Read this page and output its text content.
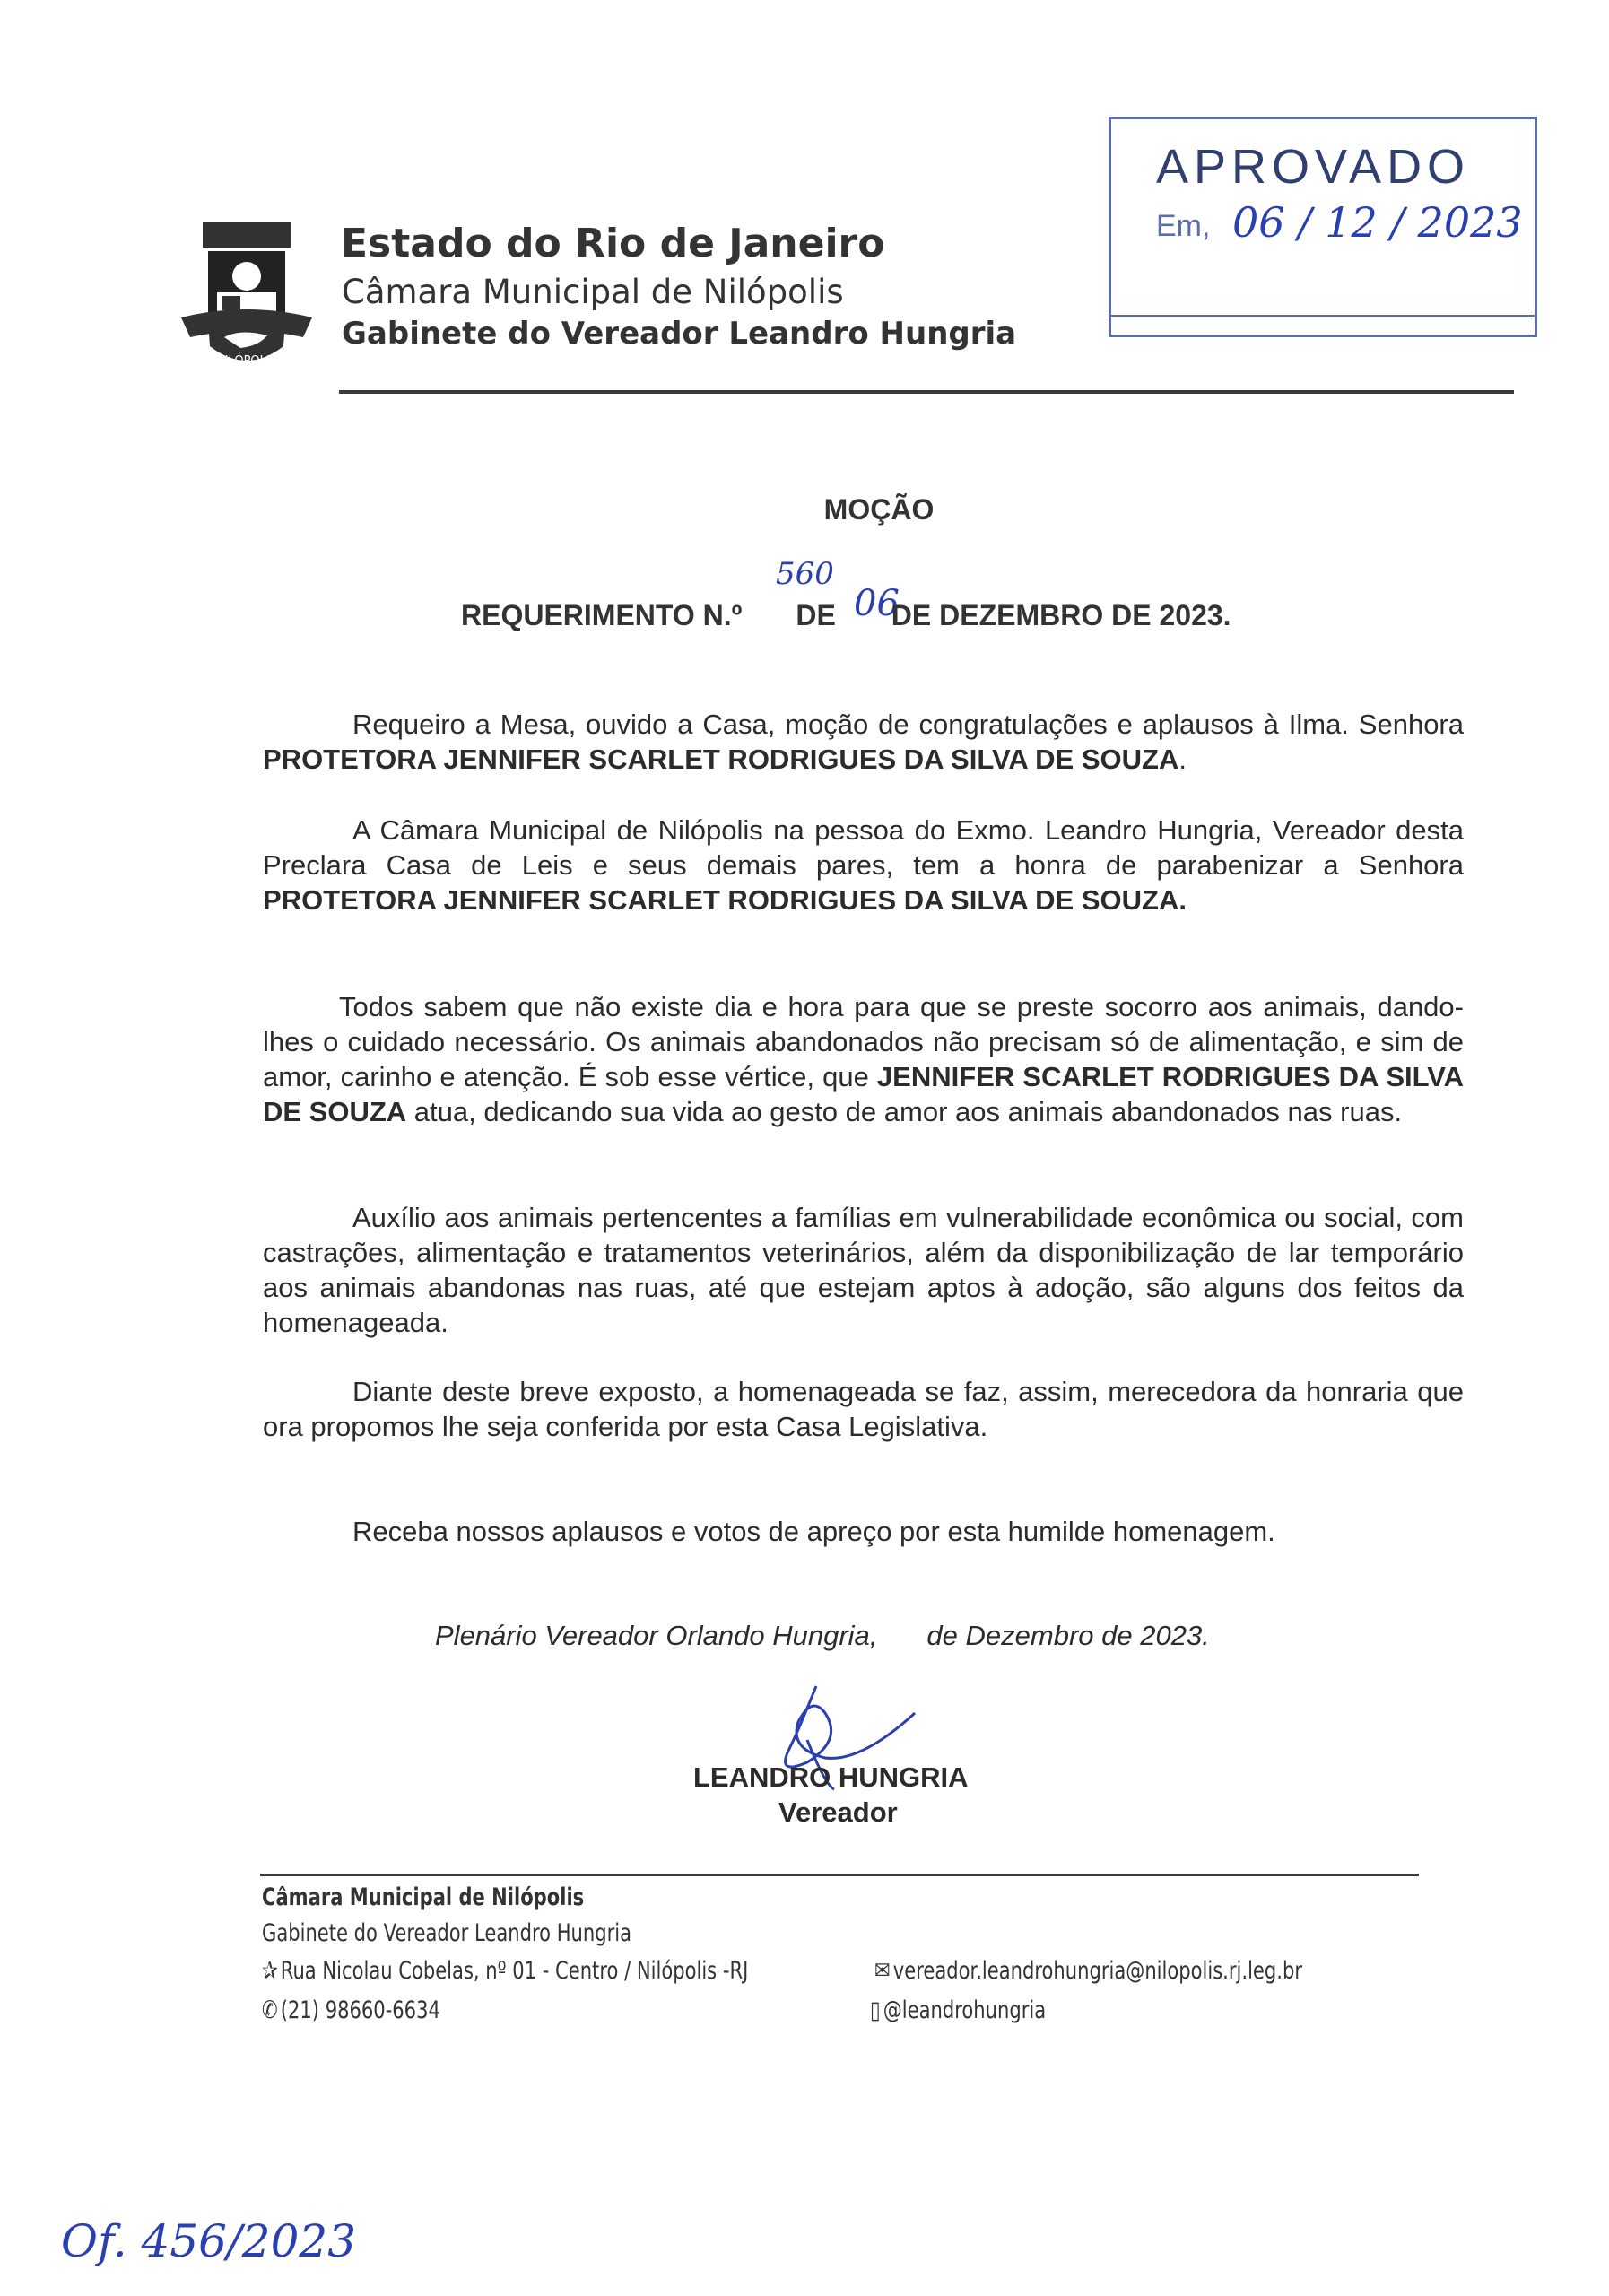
NILÓPOLIS
Estado do Rio de Janeiro
Câmara Municipal de Nilópolis
Gabinete do Vereador Leandro Hungria
APROVADO
Em, 06 / 12 / 2023
MOÇÃO
560
06
REQUERIMENTO N.º DE DE DEZEMBRO DE 2023.

Requeiro a Mesa, ouvido a Casa, moção de congratulações e aplausos à Ilma. Senhora PROTETORA JENNIFER SCARLET RODRIGUES DA SILVA DE SOUZA.

A Câmara Municipal de Nilópolis na pessoa do Exmo. Leandro Hungria, Vereador desta Preclara Casa de Leis e seus demais pares, tem a honra de parabenizar a Senhora PROTETORA JENNIFER SCARLET RODRIGUES DA SILVA DE SOUZA.

Todos sabem que não existe dia e hora para que se preste socorro aos animais, dando-lhes o cuidado necessário. Os animais abandonados não precisam só de alimentação, e sim de amor, carinho e atenção. É sob esse vértice, que JENNIFER SCARLET RODRIGUES DA SILVA DE SOUZA atua, dedicando sua vida ao gesto de amor aos animais abandonados nas ruas.

Auxílio aos animais pertencentes a famílias em vulnerabilidade econômica ou social, com castrações, alimentação e tratamentos veterinários, além da disponibilização de lar temporário aos animais abandonas nas ruas, até que estejam aptos à adoção, são alguns dos feitos da homenageada.

Diante deste breve exposto, a homenageada se faz, assim, merecedora da honraria que ora propomos lhe seja conferida por esta Casa Legislativa.

Receba nossos aplausos e votos de apreço por esta humilde homenagem.

Plenário Vereador Orlando Hungria, de Dezembro de 2023.
LEANDRO HUNGRIA
Vereador
Câmara Municipal de Nilópolis
Gabinete do Vereador Leandro Hungria
✰ Rua Nicolau Cobelas, nº 01 - Centro / Nilópolis -RJ
✆ (21) 98660-6634
✉ vereador.leandrohungria@nilopolis.rj.leg.br
▯ @leandrohungria
Of. 456/2023
